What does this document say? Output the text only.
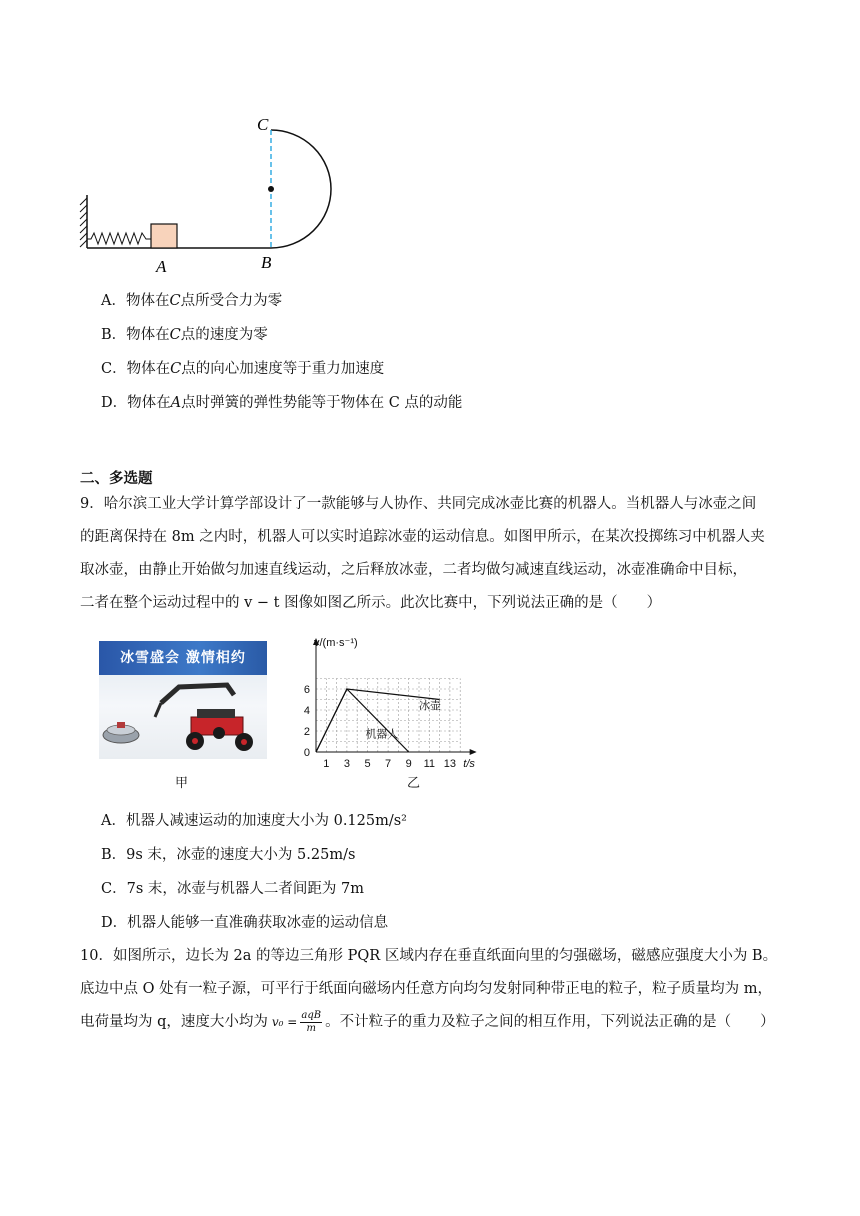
C
A	B
A．物体在C点所受合力为零
B．物体在C点的速度为零
C．物体在C点的向心加速度等于重力加速度
D．物体在A点时弹簧的弹性势能等于物体在 C 点的动能
二、多选题
9．哈尔滨工业大学计算学部设计了一款能够与人协作、共同完成冰壶比赛的机器人。当机器人与冰壶之间
的距离保持在 8m 之内时，机器人可以实时追踪冰壶的运动信息。如图甲所示，在某次投掷练习中机器人夹
取冰壶，由静止开始做匀加速直线运动，之后释放冰壶，二者均做匀减速直线运动，冰壶准确命中目标，
二者在整个运动过程中的 v − t 图像如图乙所示。此次比赛中，下列说法正确的是（　　）
冰雪盛会 激情相约
甲
1 3 5 7 9 11 13
0
2
4
6
v/(m·s⁻¹)
t/s
冰壶
机器人
乙
A．机器人减速运动的加速度大小为 0.125m/s²
B．9s 末，冰壶的速度大小为 5.25m/s
C．7s 末，冰壶与机器人二者间距为 7m
D．机器人能够一直准确获取冰壶的运动信息
10．如图所示，边长为 2a 的等边三角形 PQR 区域内存在垂直纸面向里的匀强磁场，磁感应强度大小为 B。
底边中点 O 处有一粒子源，可平行于纸面向磁场内任意方向均匀发射同种带正电的粒子，粒子质量均为 m，
电荷量均为 q，速度大小均为 v₀ = aqB
m 。不计粒子的重力及粒子之间的相互作用，下列说法正确的是（　　）
